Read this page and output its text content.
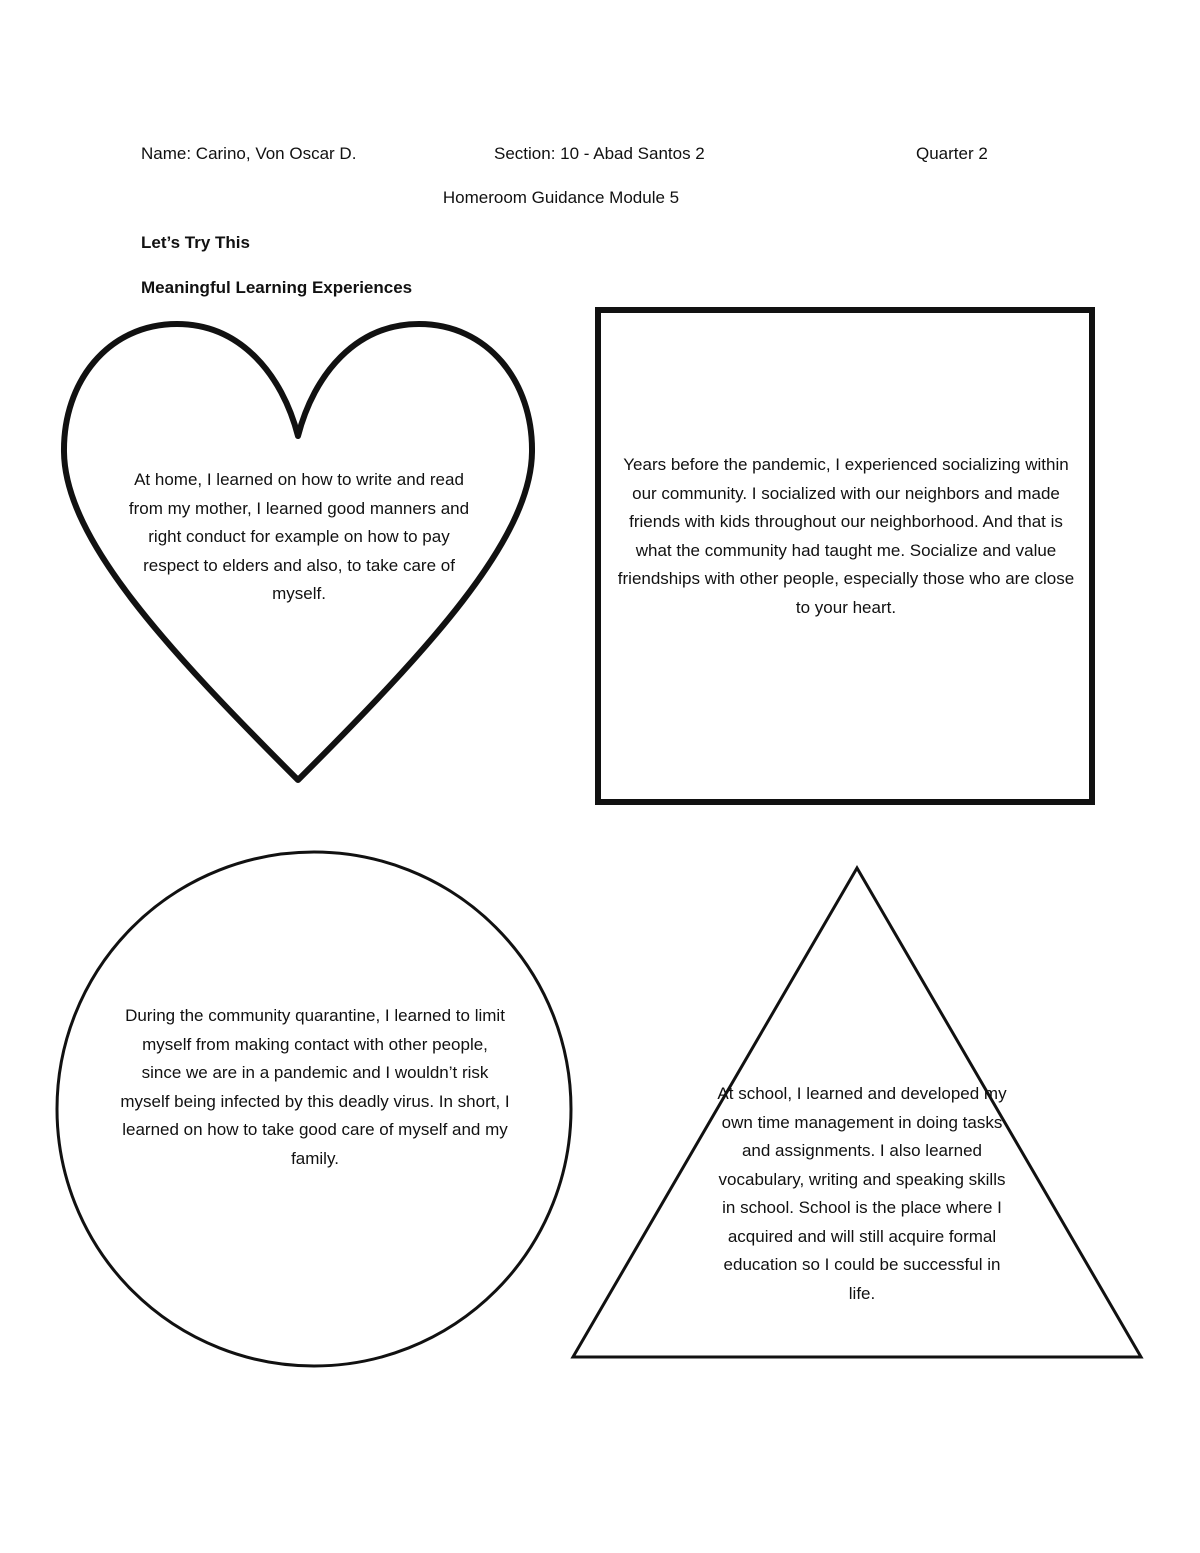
Name: Carino, Von Oscar D.	Section: 10 - Abad Santos 2	Quarter 2
Homeroom Guidance Module 5
Let’s Try This
Meaningful Learning Experiences
At home, I learned on how to write and read from my mother, I learned good manners and right conduct for example on how to pay respect to elders and also, to take care of myself.
Years before the pandemic, I experienced socializing within our community. I socialized with our neighbors and made friends with kids throughout our neighborhood. And that is what the community had taught me. Socialize and value friendships with other people, especially those who are close to your heart.
During the community quarantine, I learned to limit myself from making contact with other people, since we are in a pandemic and I wouldn’t risk myself being infected by this deadly virus. In short, I learned on how to take good care of myself and my family.
At school, I learned and developed my own time management in doing tasks and assignments. I also learned vocabulary, writing and speaking skills in school. School is the place where I acquired and will still acquire formal education so I could be successful in life.
